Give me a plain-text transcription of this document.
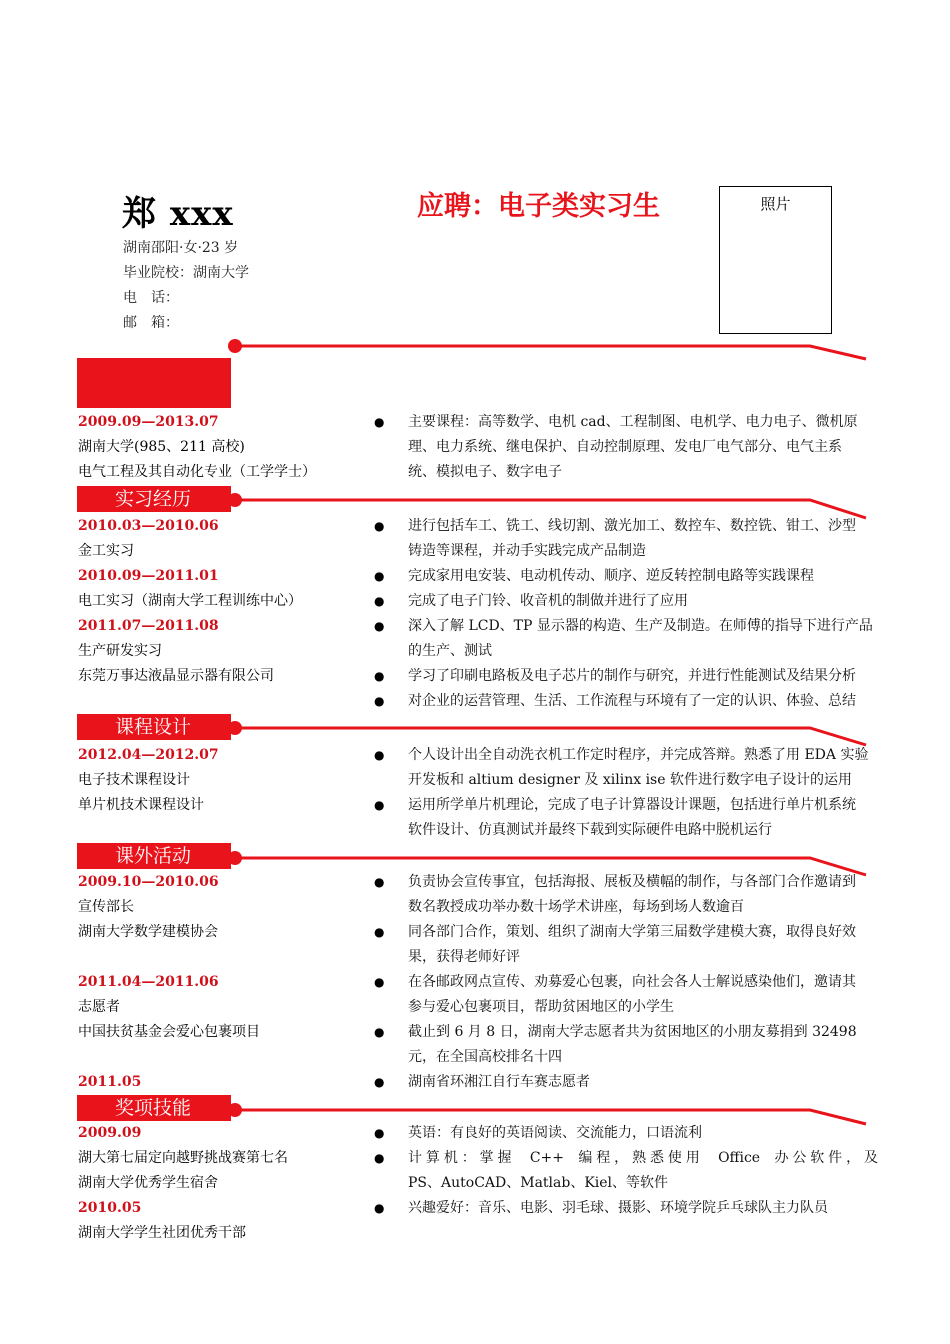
郑 xxx
湖南邵阳·女·23 岁
毕业院校：湖南大学
电　话：
邮　箱：
应聘：电子类实习生	照片
2009.09—2013.07
湖南大学(985、211 高校)
电气工程及其自动化专业（工学学士）
● 主要课程：高等数学、电机 cad、工程制图、电机学、电力电子、微机原
理、电力系统、继电保护、自动控制原理、发电厂电气部分、电气主系
统、模拟电子、数字电子
实习经历
2010.03—2010.06
金工实习
2010.09—2011.01
电工实习（湖南大学工程训练中心）
2011.07—2011.08
生产研发实习
东莞万事达液晶显示器有限公司
●
●
●
●
●
●
进行包括车工、铣工、线切割、激光加工、数控车、数控铣、钳工、沙型
铸造等课程，并动手实践完成产品制造
完成家用电安装、电动机传动、顺序、逆反转控制电路等实践课程
完成了电子门铃、收音机的制做并进行了应用
深入了解 LCD、TP 显示器的构造、生产及制造。在师傅的指导下进行产品
的生产、测试
学习了印刷电路板及电子芯片的制作与研究，并进行性能测试及结果分析
对企业的运营管理、生活、工作流程与环境有了一定的认识、体验、总结
课程设计
2012.04—2012.07
电子技术课程设计
单片机技术课程设计
●
●
个人设计出全自动洗衣机工作定时程序，并完成答辩。熟悉了用 EDA 实验
开发板和 altium designer 及 xilinx ise 软件进行数字电子设计的运用
运用所学单片机理论，完成了电子计算器设计课题，包括进行单片机系统
软件设计、仿真测试并最终下载到实际硬件电路中脱机运行
课外活动
2009.10—2010.06
宣传部长
湖南大学数学建模协会
2011.04—2011.06
志愿者
中国扶贫基金会爱心包裹项目
2011.05
●
●
●
●
●
负责协会宣传事宜，包括海报、展板及横幅的制作，与各部门合作邀请到
数名教授成功举办数十场学术讲座，每场到场人数逾百
同各部门合作，策划、组织了湖南大学第三届数学建模大赛，取得良好效
果，获得老师好评
在各邮政网点宣传、劝募爱心包裹，向社会各人士解说感染他们，邀请其
参与爱心包裹项目，帮助贫困地区的小学生
截止到 6 月 8 日，湖南大学志愿者共为贫困地区的小朋友募捐到 32498
元，在全国高校排名十四
湖南省环湘江自行车赛志愿者
奖项技能
2009.09
湖大第七届定向越野挑战赛第七名
湖南大学优秀学生宿舍
2010.05
湖南大学学生社团优秀干部
●
●
●
英语：有良好的英语阅读、交流能力，口语流利
计算机：掌握 C++ 编程，熟悉使用 Office 办公软件，及
PS、AutoCAD、Matlab、Kiel、等软件
兴趣爱好：音乐、电影、羽毛球、摄影、环境学院乒乓球队主力队员
